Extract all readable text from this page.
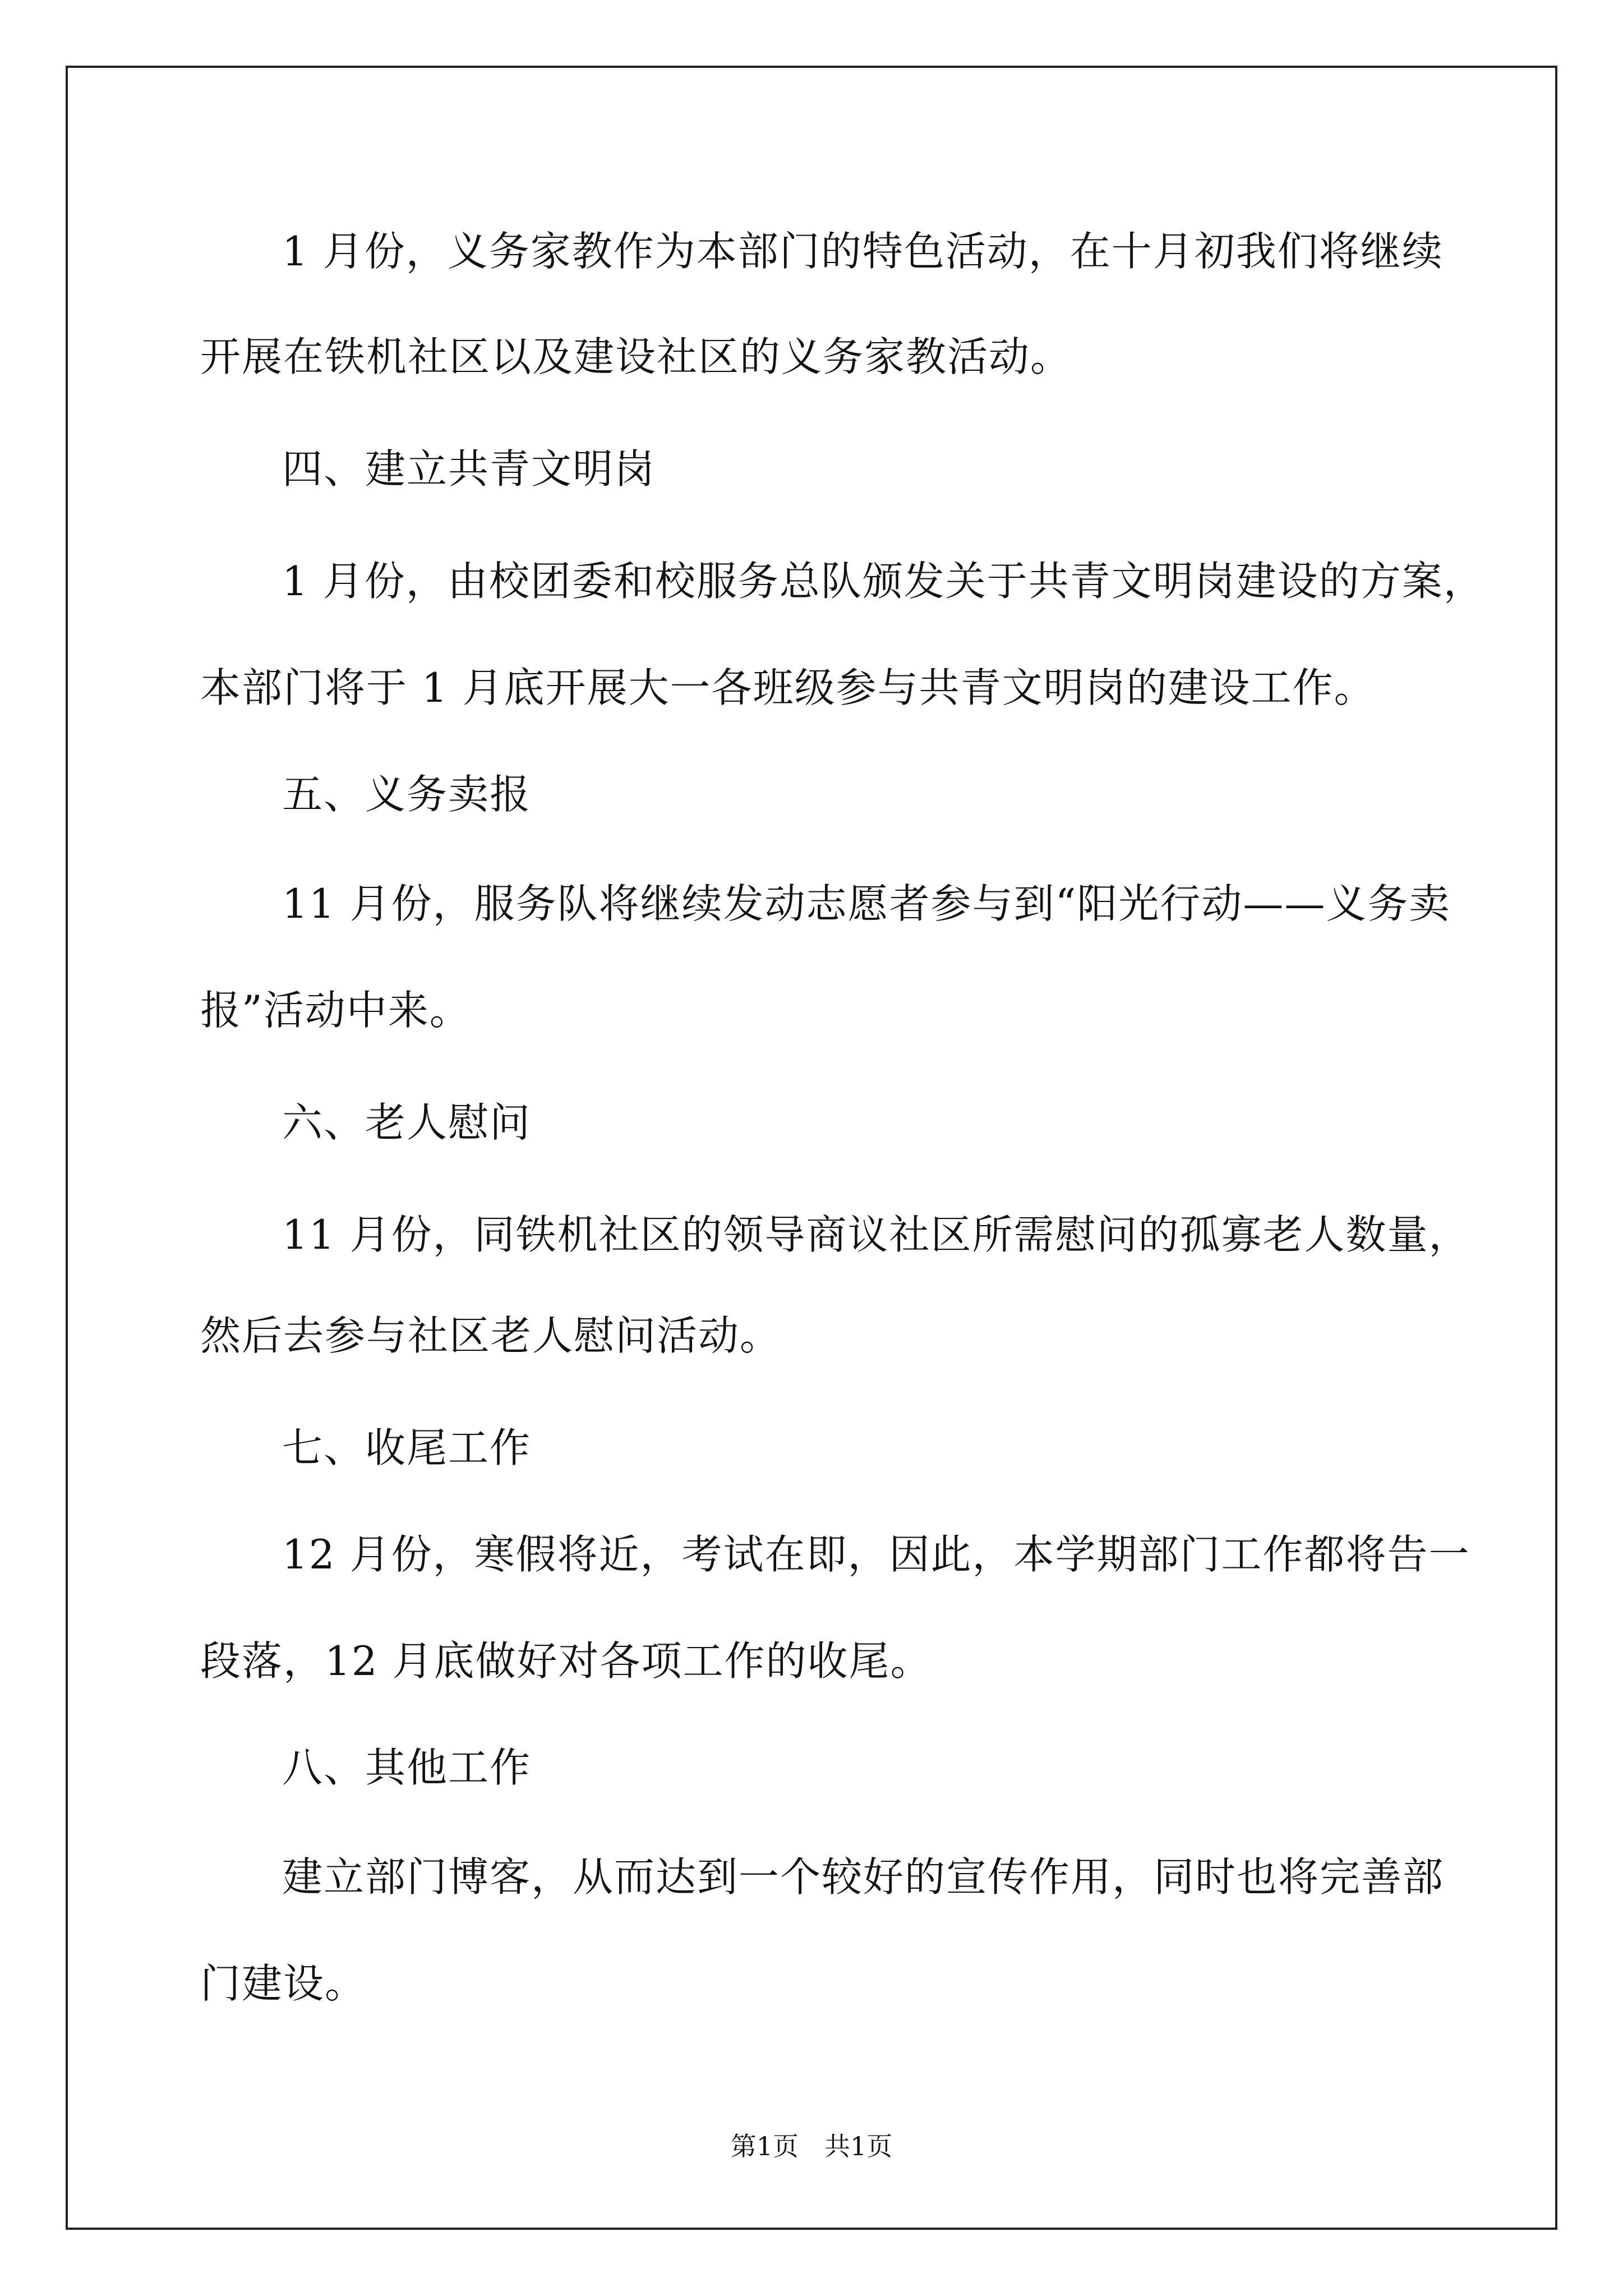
1 月份，义务家教作为本部门的特色活动，在十月初我们将继续

开展在铁机社区以及建设社区的义务家教活动。

四、建立共青文明岗

1 月份，由校团委和校服务总队颁发关于共青文明岗建设的方案，

本部门将于 1 月底开展大一各班级参与共青文明岗的建设工作。

五、义务卖报

11 月份，服务队将继续发动志愿者参与到“阳光行动——义务卖

报”活动中来。

六、老人慰问

11 月份，同铁机社区的领导商议社区所需慰问的孤寡老人数量，

然后去参与社区老人慰问活动。

七、收尾工作

12 月份，寒假将近，考试在即，因此，本学期部门工作都将告一

段落，12 月底做好对各项工作的收尾。

八、其他工作

建立部门博客，从而达到一个较好的宣传作用，同时也将完善部

门建设。

第1页　共1页
